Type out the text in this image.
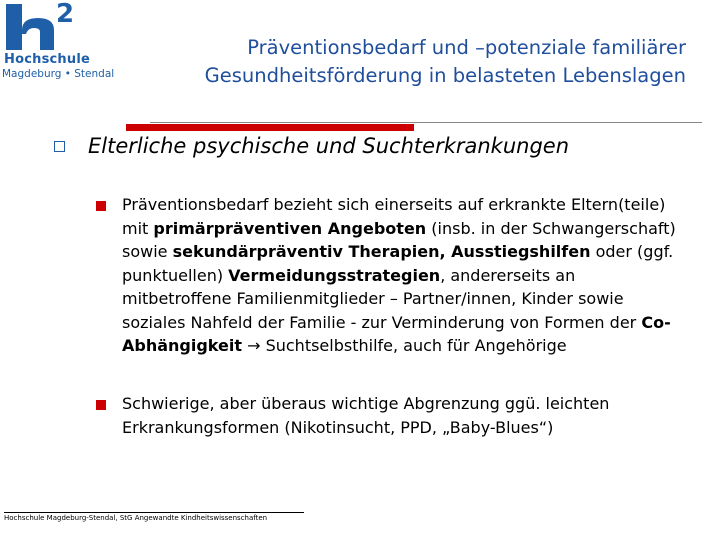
2
Hochschule
Magdeburg • Stendal
Präventionsbedarf und –potenziale familiärer
Gesundheitsförderung in belasteten Lebenslagen
Elterliche psychische und Suchterkrankungen
Präventionsbedarf bezieht sich einerseits auf erkrankte Eltern(teile) mit primärpräventiven Angeboten (insb. in der Schwangerschaft) sowie sekundärpräventiv Therapien, Ausstiegshilfen oder (ggf. punktuellen) Vermeidungsstrategien, andererseits an mitbetroffene Familienmitglieder – Partner/innen, Kinder sowie soziales Nahfeld der Familie - zur Verminderung von Formen der Co-Abhängigkeit → Suchtselbsthilfe, auch für Angehörige
Schwierige, aber überaus wichtige Abgrenzung ggü. leichten Erkrankungsformen (Nikotinsucht, PPD, „Baby-Blues“)
Hochschule Magdeburg-Stendal, StG Angewandte Kindheitswissenschaften
